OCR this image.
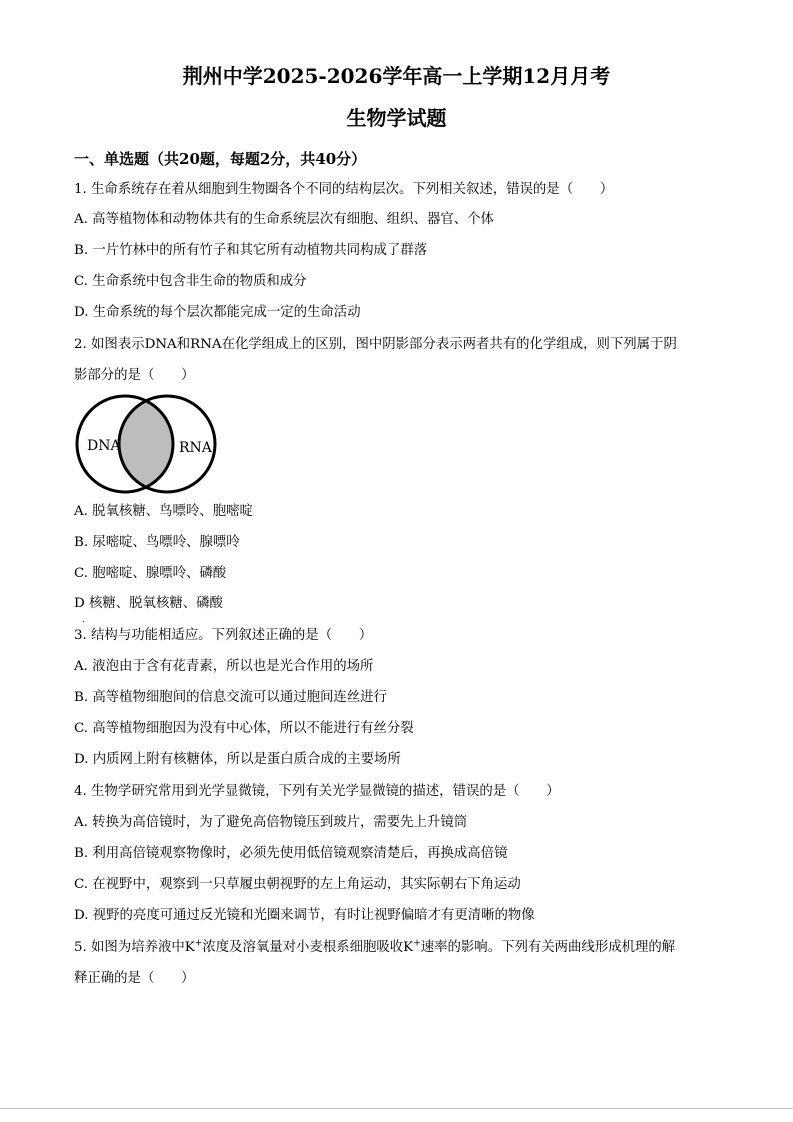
荆州中学2025-2026学年高一上学期12月月考
生物学试题
一、单选题（共20题，每题2分，共40分）
1. 生命系统存在着从细胞到生物圈各个不同的结构层次。下列相关叙述，错误的是（　　）
A. 高等植物体和动物体共有的生命系统层次有细胞、组织、器官、个体
B. 一片竹林中的所有竹子和其它所有动植物共同构成了群落
C. 生命系统中包含非生命的物质和成分
D. 生命系统的每个层次都能完成一定的生命活动
2. 如图表示DNA和RNA在化学组成上的区别，图中阴影部分表示两者共有的化学组成，则下列属于阴
影部分的是（　　）
DNA	RNA
A. 脱氧核糖、鸟嘌呤、胞嘧啶
B. 尿嘧啶、鸟嘌呤、腺嘌呤
C. 胞嘧啶、腺嘌呤、磷酸
D 核糖、脱氧核糖、磷酸
.
3. 结构与功能相适应。下列叙述正确的是（　　）
A. 液泡由于含有花青素，所以也是光合作用的场所
B. 高等植物细胞间的信息交流可以通过胞间连丝进行
C. 高等植物细胞因为没有中心体，所以不能进行有丝分裂
D. 内质网上附有核糖体，所以是蛋白质合成的主要场所
4. 生物学研究常用到光学显微镜，下列有关光学显微镜的描述，错误的是（　　）
A. 转换为高倍镜时，为了避免高倍物镜压到玻片，需要先上升镜筒
B. 利用高倍镜观察物像时，必须先使用低倍镜观察清楚后，再换成高倍镜
C. 在视野中，观察到一只草履虫朝视野的左上角运动，其实际朝右下角运动
D. 视野的亮度可通过反光镜和光圈来调节，有时让视野偏暗才有更清晰的物像
5. 如图为培养液中K+浓度及溶氧量对小麦根系细胞吸收K+速率的影响。下列有关两曲线形成机理的解
释正确的是（　　）
